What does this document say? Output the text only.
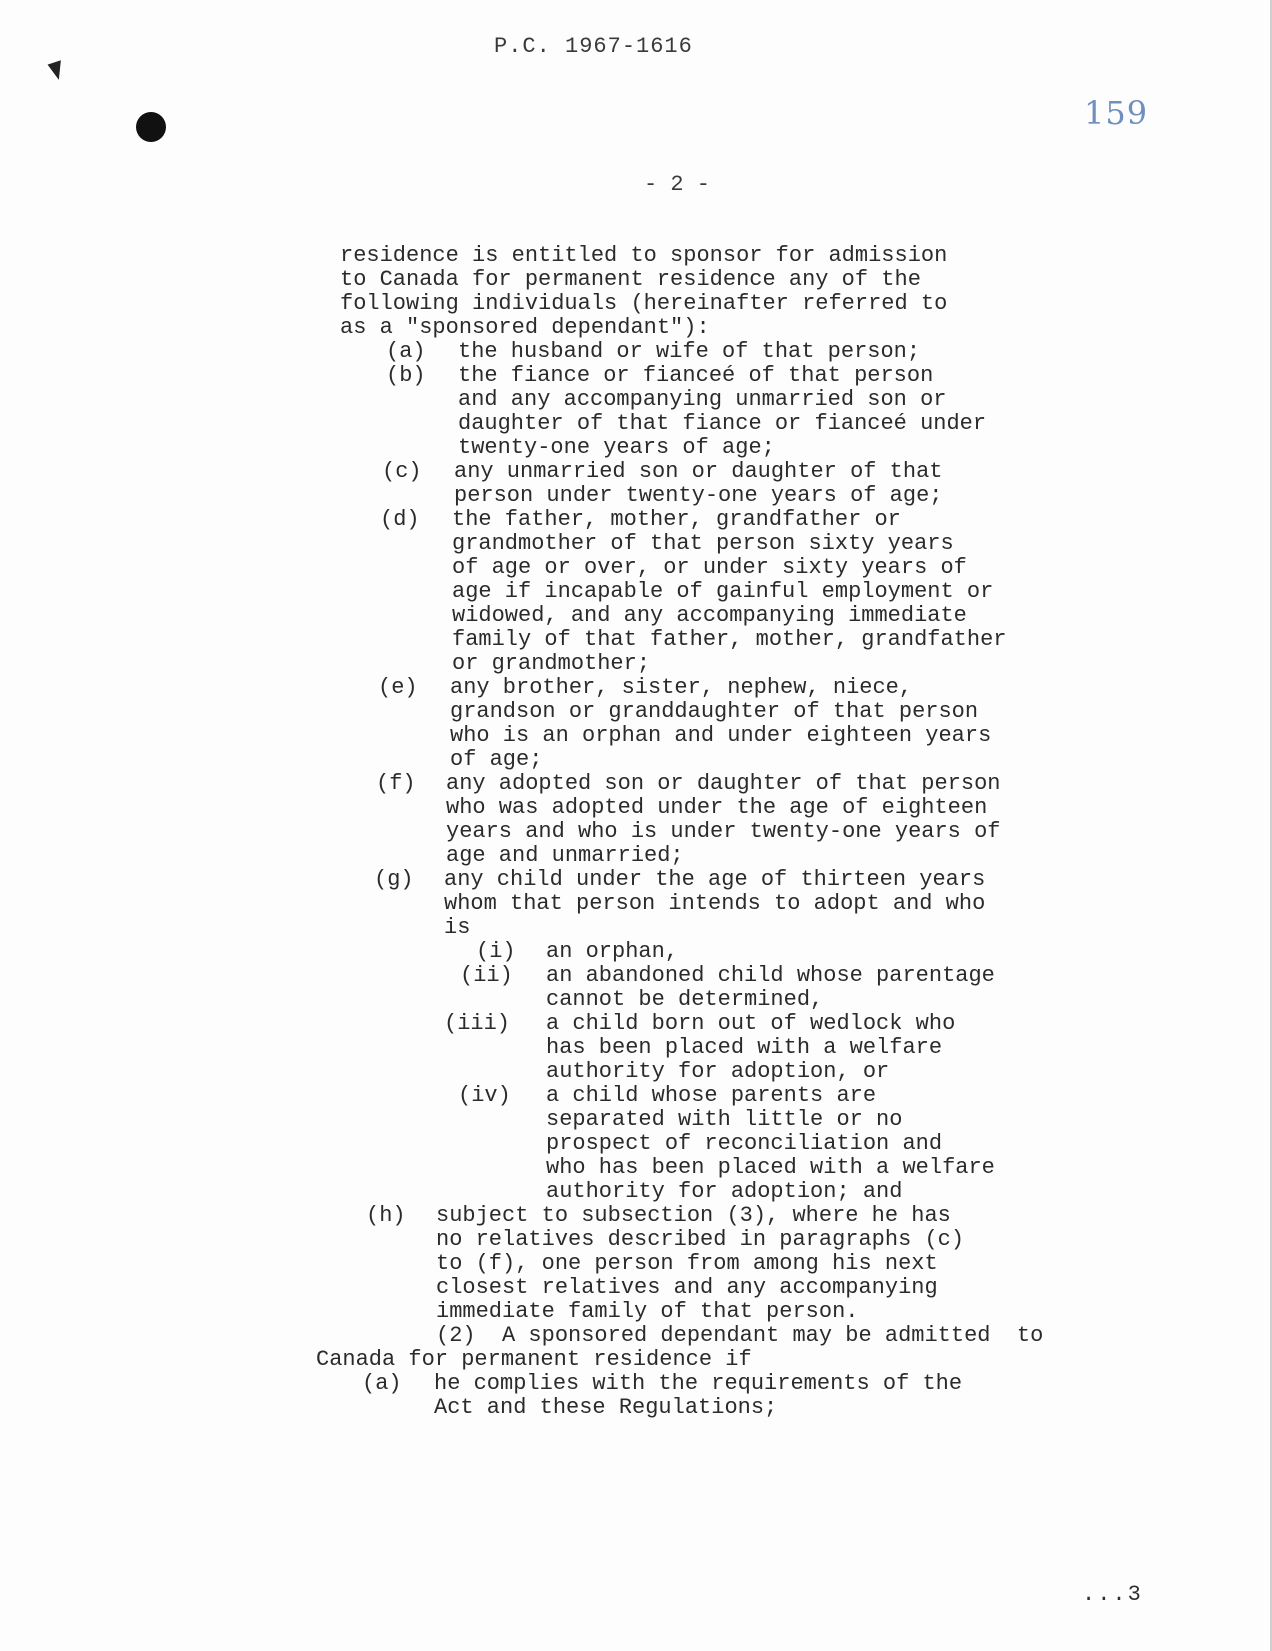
P.C. 1967-1616
159
- 2 -
residence is entitled to sponsor for admission
to Canada for permanent residence any of the
following individuals (hereinafter referred to
as a "sponsored dependant"):
(a) the husband or wife of that person;
(b) the fiance or fianceé of that person
and any accompanying unmarried son or
daughter of that fiance or fianceé under
twenty-one years of age;
(c) any unmarried son or daughter of that
person under twenty-one years of age;
(d) the father, mother, grandfather or
grandmother of that person sixty years
of age or over, or under sixty years of
age if incapable of gainful employment or
widowed, and any accompanying immediate
family of that father, mother, grandfather
or grandmother;
(e) any brother, sister, nephew, niece,
grandson or granddaughter of that person
who is an orphan and under eighteen years
of age;
(f) any adopted son or daughter of that person
who was adopted under the age of eighteen
years and who is under twenty-one years of
age and unmarried;
(g) any child under the age of thirteen years
whom that person intends to adopt and who
is
(i) an orphan,
(ii) an abandoned child whose parentage
cannot be determined,
(iii) a child born out of wedlock who
has been placed with a welfare
authority for adoption, or
(iv) a child whose parents are
separated with little or no
prospect of reconciliation and
who has been placed with a welfare
authority for adoption; and
(h) subject to subsection (3), where he has
no relatives described in paragraphs (c)
to (f), one person from among his next
closest relatives and any accompanying
immediate family of that person.
(2)  A sponsored dependant may be admitted  to
Canada for permanent residence if
(a) he complies with the requirements of the
Act and these Regulations;
...3
